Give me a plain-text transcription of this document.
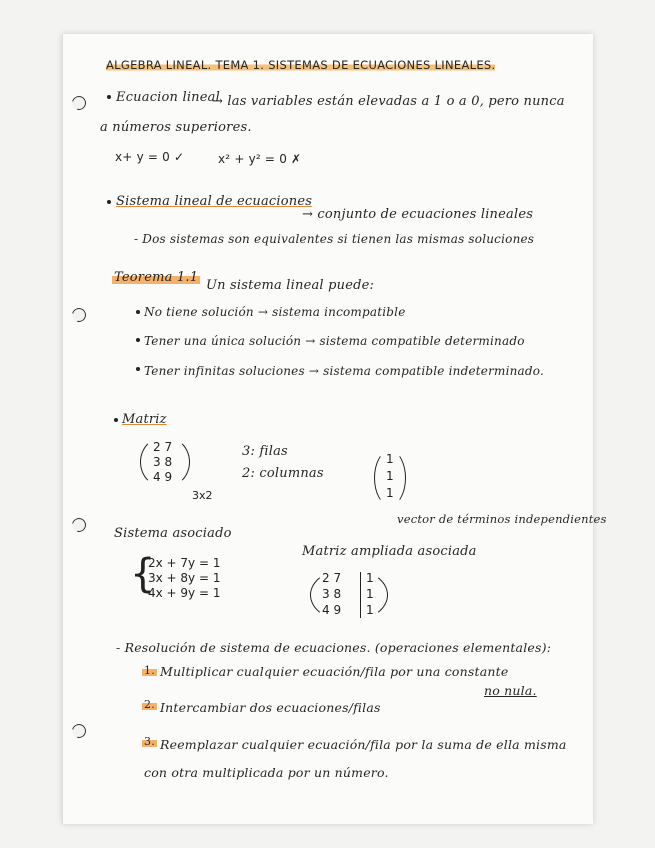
ALGEBRA LINEAL. TEMA 1. SISTEMAS DE ECUACIONES LINEALES.
Ecuacion lineal
→ las variables están elevadas a 1 o a 0, pero nunca
a números superiores.
x+ y = 0 ✓	x² + y² = 0 ✗
Sistema lineal de ecuaciones
→ conjunto de ecuaciones lineales
- Dos sistemas son equivalentes si tienen las mismas soluciones
Teorema 1.1
Un sistema lineal puede:
No tiene solución → sistema incompatible
Tener una única solución → sistema compatible determinado
Tener infinitas soluciones → sistema compatible indeterminado.
Matriz
2 7
3 8
4 9
3x2
3: filas
2: columnas
1
1
1
vector de términos independientes
Sistema asociado
{
2x + 7y = 1
3x + 8y = 1
4x + 9y = 1
Matriz ampliada asociada
2 7
3 8
4 9
1
1
1
- Resolución de sistema de ecuaciones. (operaciones elementales):
1. Multiplicar cualquier ecuación/fila por una constante
no nula.
2. Intercambiar dos ecuaciones/filas
3. Reemplazar cualquier ecuación/fila por la suma de ella misma
con otra multiplicada por un número.
